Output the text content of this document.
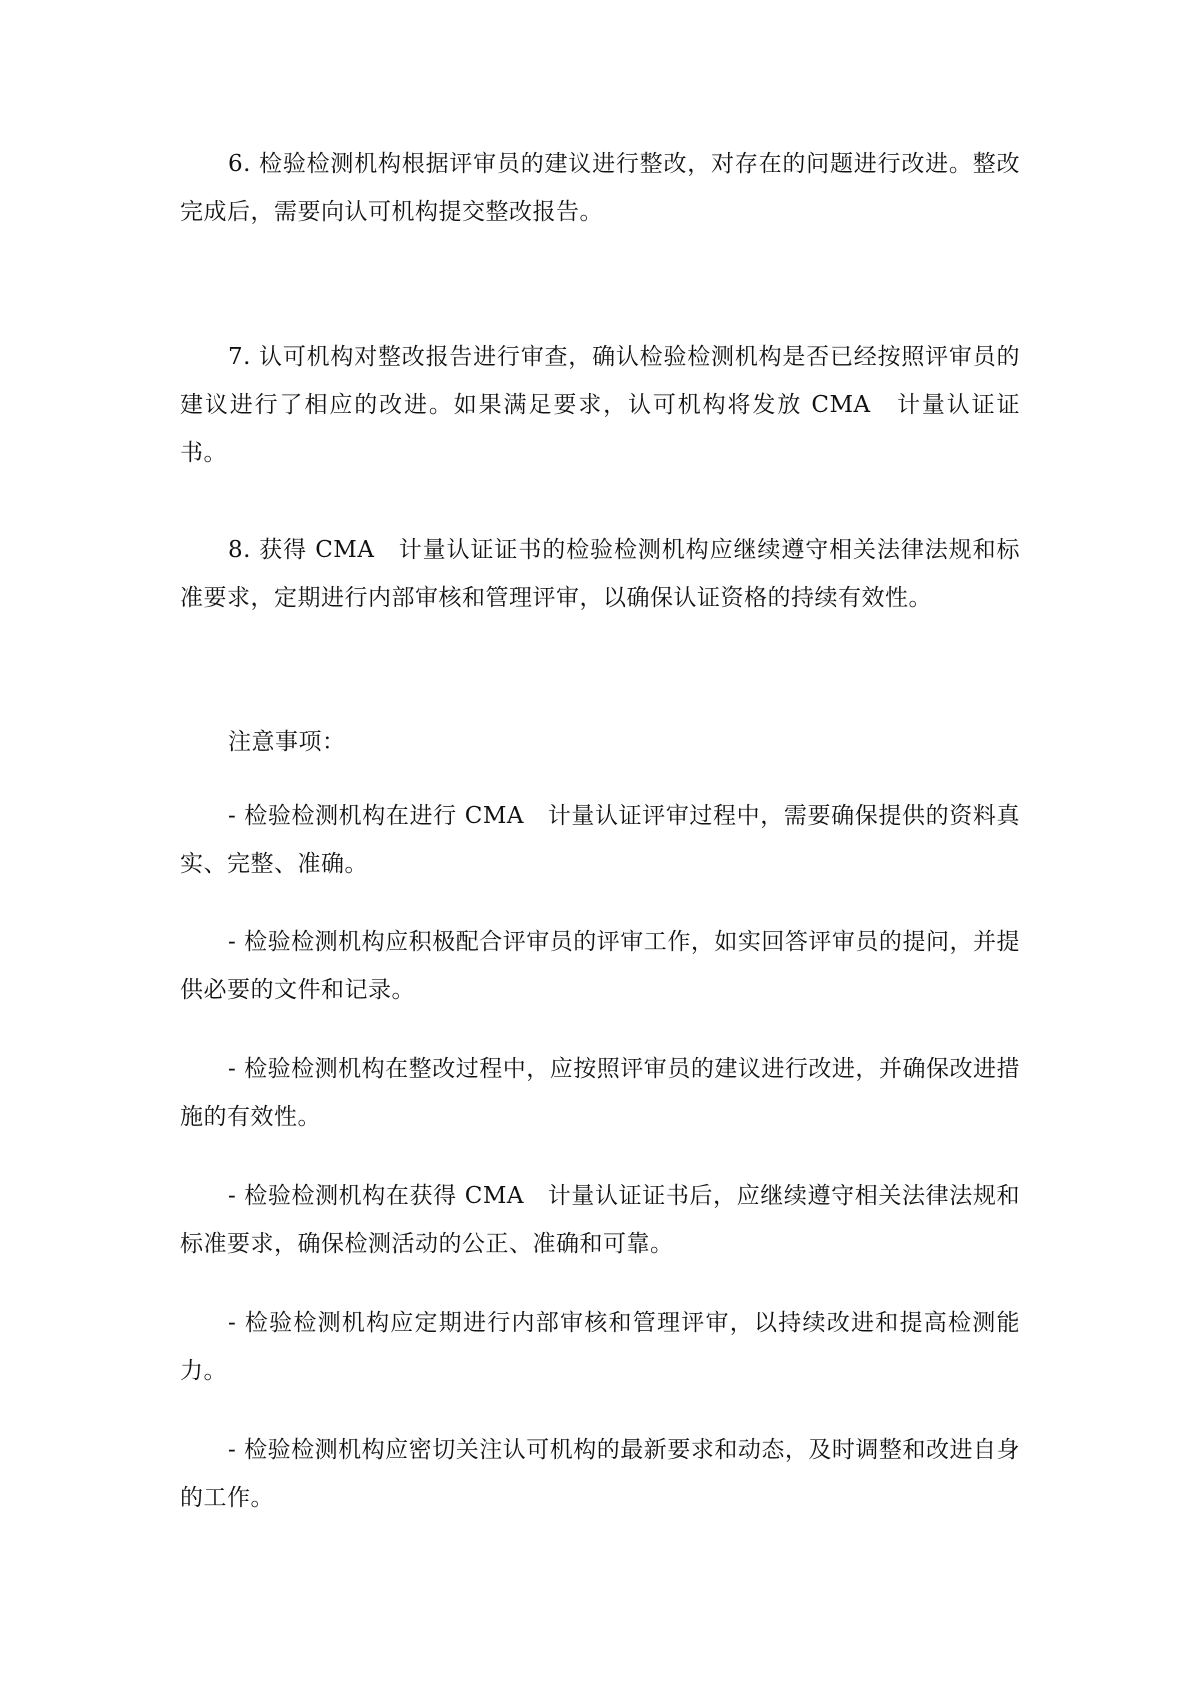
6. 检验检测机构根据评审员的建议进行整改，对存在的问题进行改进。整改完成后，需要向认可机构提交整改报告。

7. 认可机构对整改报告进行审查，确认检验检测机构是否已经按照评审员的建议进行了相应的改进。如果满足要求，认可机构将发放 CMA　计量认证证书。

8. 获得 CMA　计量认证证书的检验检测机构应继续遵守相关法律法规和标准要求，定期进行内部审核和管理评审，以确保认证资格的持续有效性。

注意事项：

- 检验检测机构在进行 CMA　计量认证评审过程中，需要确保提供的资料真实、完整、准确。

- 检验检测机构应积极配合评审员的评审工作，如实回答评审员的提问，并提供必要的文件和记录。

- 检验检测机构在整改过程中，应按照评审员的建议进行改进，并确保改进措施的有效性。

- 检验检测机构在获得 CMA　计量认证证书后，应继续遵守相关法律法规和标准要求，确保检测活动的公正、准确和可靠。

- 检验检测机构应定期进行内部审核和管理评审，以持续改进和提高检测能力。

- 检验检测机构应密切关注认可机构的最新要求和动态，及时调整和改进自身的工作。
